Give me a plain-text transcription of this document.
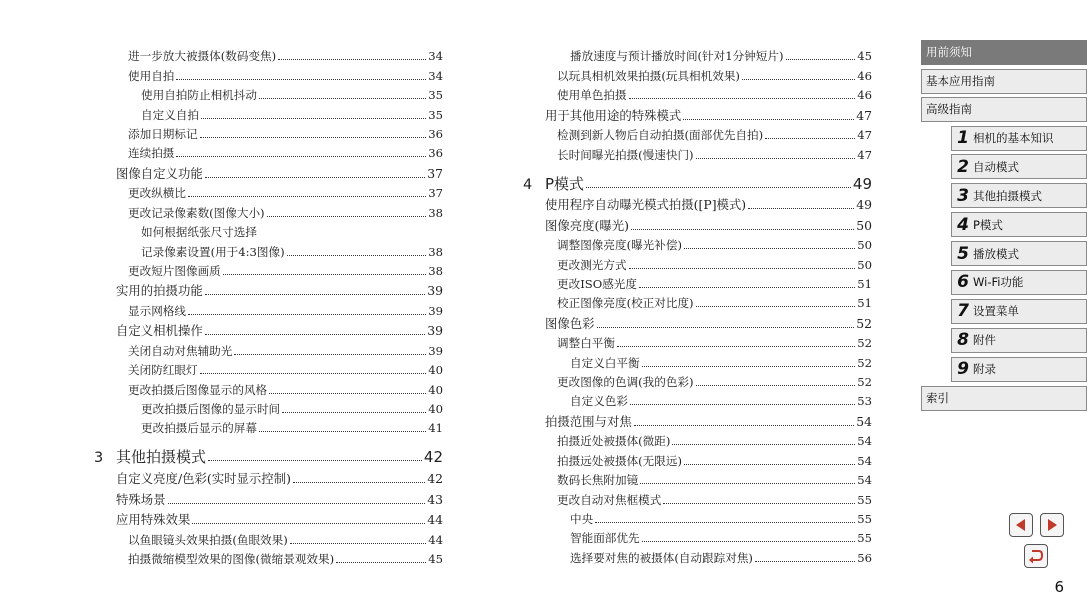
进一步放大被摄体(数码变焦)	34
使用自拍	34
使用自拍防止相机抖动	35
自定义自拍	35
添加日期标记	36
连续拍摄	36
图像自定义功能	37
更改纵横比	37
更改记录像素数(图像大小)	38
如何根据纸张尺寸选择
记录像素设置(用于4:3图像)	38
更改短片图像画质	38
实用的拍摄功能	39
显示网格线	39
自定义相机操作	39
关闭自动对焦辅助光	39
关闭防红眼灯	40
更改拍摄后图像显示的风格	40
更改拍摄后图像的显示时间	40
更改拍摄后显示的屏幕	41
3 其他拍摄模式	42
自定义亮度/色彩(实时显示控制)	42
特殊场景	43
应用特殊效果	44
以鱼眼镜头效果拍摄(鱼眼效果)	44
拍摄微缩模型效果的图像(微缩景观效果)	45
播放速度与预计播放时间(针对1分钟短片)	45
以玩具相机效果拍摄(玩具相机效果)	46
使用单色拍摄	46
用于其他用途的特殊模式	47
检测到新人物后自动拍摄(面部优先自拍)	47
长时间曝光拍摄(慢速快门)	47
4 P模式	49
使用程序自动曝光模式拍摄([P]模式)	49
图像亮度(曝光)	50
调整图像亮度(曝光补偿)	50
更改测光方式	50
更改ISO感光度	51
校正图像亮度(校正对比度)	51
图像色彩	52
调整白平衡	52
自定义白平衡	52
更改图像的色调(我的色彩)	52
自定义色彩	53
拍摄范围与对焦	54
拍摄近处被摄体(微距)	54
拍摄远处被摄体(无限远)	54
数码长焦附加镜	54
更改自动对焦框模式	55
中央	55
智能面部优先	55
选择要对焦的被摄体(自动跟踪对焦)	56
用前须知
基本应用指南
高级指南
1 相机的基本知识
2 自动模式
3 其他拍摄模式
4 P模式
5 播放模式
6 Wi-Fi功能
7 设置菜单
8 附件
9 附录
索引
6
